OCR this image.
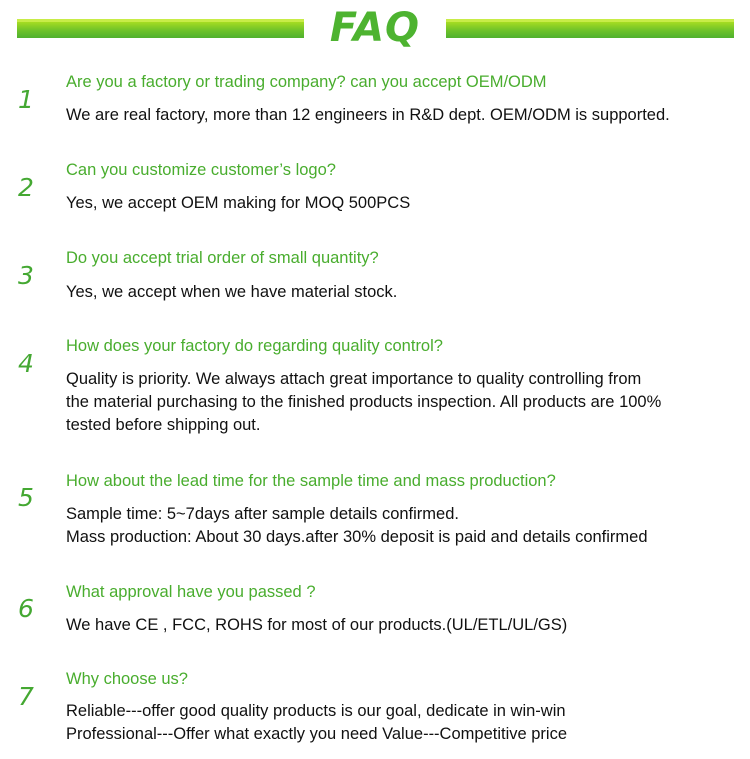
FAQ
1
Are you a factory or trading company? can you accept OEM/ODM
We are real factory, more than 12 engineers in R&D dept. OEM/ODM is supported.
2
Can you customize customer’s logo?
Yes, we accept OEM making for MOQ 500PCS
3
Do you accept trial order of small quantity?
Yes, we accept when we have material stock.
4
How does your factory do regarding quality control?
Quality is priority. We always attach great importance to quality controlling from
the material purchasing to the finished products inspection. All products are 100%
tested before shipping out.
5
How about the lead time for the sample time and mass production?
Sample time: 5~7days after sample details confirmed.
Mass production: About 30 days.after 30% deposit is paid and details confirmed
6
What approval have you passed ?
We have CE , FCC, ROHS for most of our products.(UL/ETL/UL/GS)
7
Why choose us?
Reliable---offer good quality products is our goal, dedicate in win-win
Professional---Offer what exactly you need Value---Competitive price
